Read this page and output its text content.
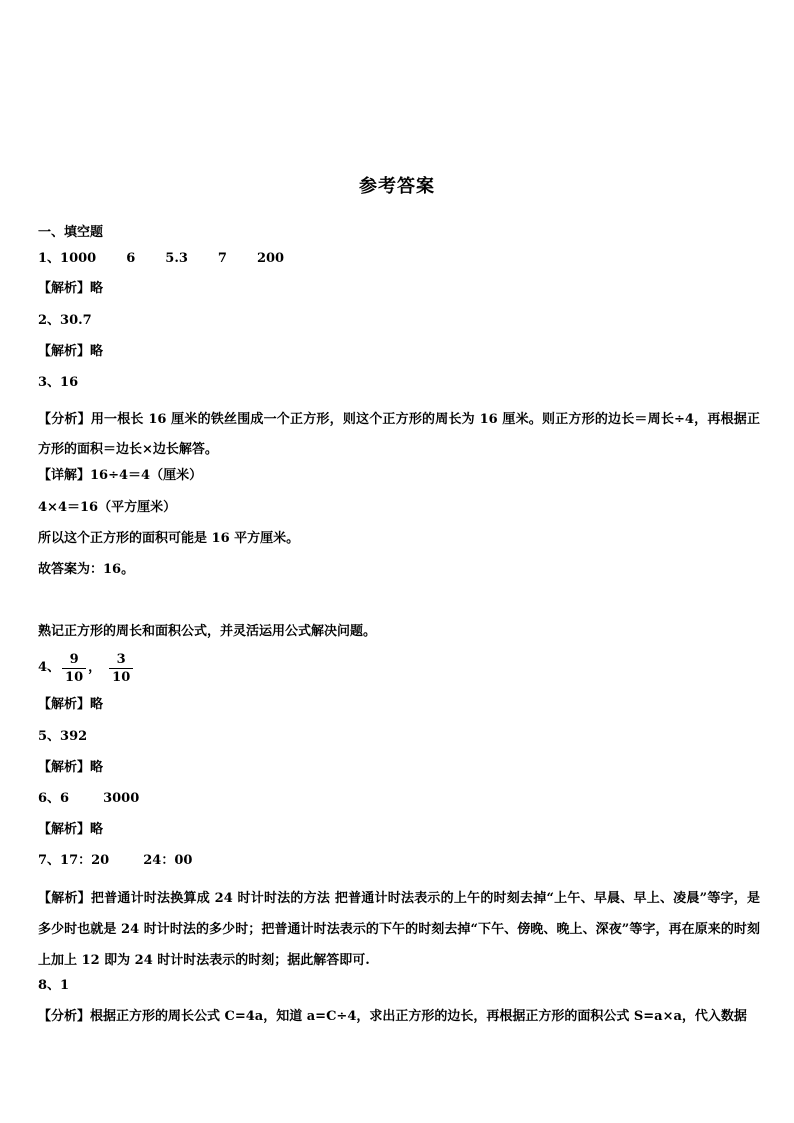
参考答案
一、填空题
1、1000 6 5.3 7 200
【解析】略
2、30.7
【解析】略
3、16
【分析】用一根长 16 厘米的铁丝围成一个正方形，则这个正方形的周长为 16 厘米。则正方形的边长＝周长÷4，再根据正方形的面积＝边长×边长解答。
【详解】16÷4＝4（厘米）
4×4＝16（平方厘米）
所以这个正方形的面积可能是 16 平方厘米。
故答案为：16。
熟记正方形的周长和面积公式，并灵活运用公式解决问题。
4、 $\frac{9}{10}$ ， $\frac{3}{10}$
【解析】略
5、392
【解析】略
6、6	3000
【解析】略
7、17：20	24：00
【解析】把普通计时法换算成 24 时计时法的方法 把普通计时法表示的上午的时刻去掉“上午、早晨、早上、凌晨”等字，是多少时也就是 24 时计时法的多少时；把普通计时法表示的下午的时刻去掉“下午、傍晚、晚上、深夜”等字，再在原来的时刻上加上 12 即为 24 时计时法表示的时刻；据此解答即可.
8、1
【分析】根据正方形的周长公式 C=4a，知道 a=C÷4，求出正方形的边长，再根据正方形的面积公式 S=a×a，代入数据
